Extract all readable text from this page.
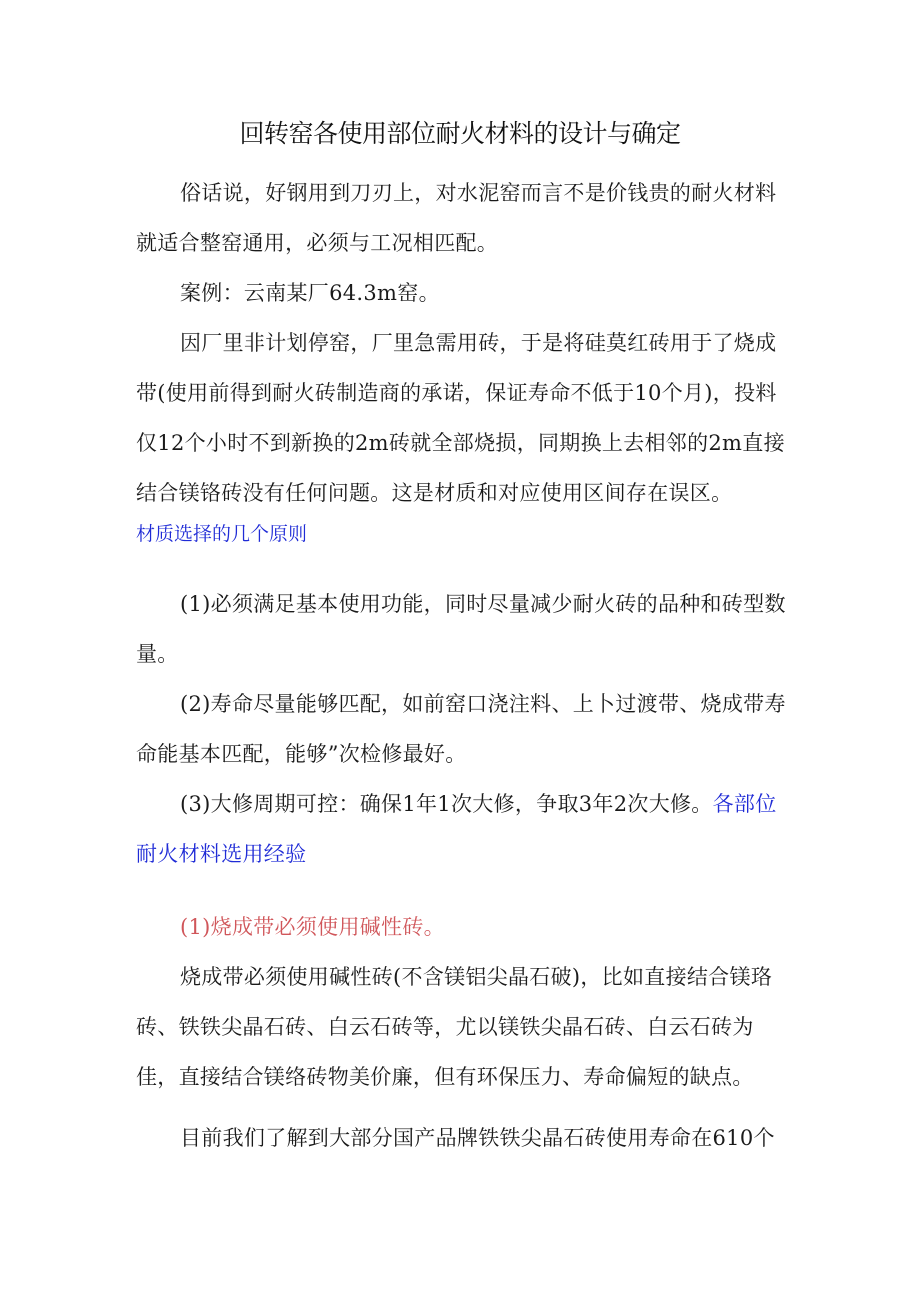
回转窑各使用部位耐火材料的设计与确定

俗话说，好钢用到刀刃上，对水泥窑而言不是价钱贵的耐火材料就适合整窑通用，必须与工况相匹配。

案例：云南某厂64.3m窑。

因厂里非计划停窑，厂里急需用砖，于是将硅莫红砖用于了烧成带(使用前得到耐火砖制造商的承诺，保证寿命不低于10个月)，投料仅12个小时不到新换的2m砖就全部烧损，同期换上去相邻的2m直接结合镁铬砖没有任何问题。这是材质和对应使用区间存在误区。

材质选择的几个原则

(1)必须满足基本使用功能，同时尽量减少耐火砖的品种和砖型数量。

(2)寿命尽量能够匹配，如前窑口浇注料、上卜过渡带、烧成带寿命能基本匹配，能够”次检修最好。

(3)大修周期可控：确保1年1次大修，争取3年2次大修。各部位耐火材料选用经验

(1)烧成带必须使用碱性砖。

烧成带必须使用碱性砖(不含镁铝尖晶石破)，比如直接结合镁珞砖、铁铁尖晶石砖、白云石砖等，尤以镁铁尖晶石砖、白云石砖为佳，直接结合镁络砖物美价廉，但有环保压力、寿命偏短的缺点。

目前我们了解到大部分国产品牌铁铁尖晶石砖使用寿命在610个
